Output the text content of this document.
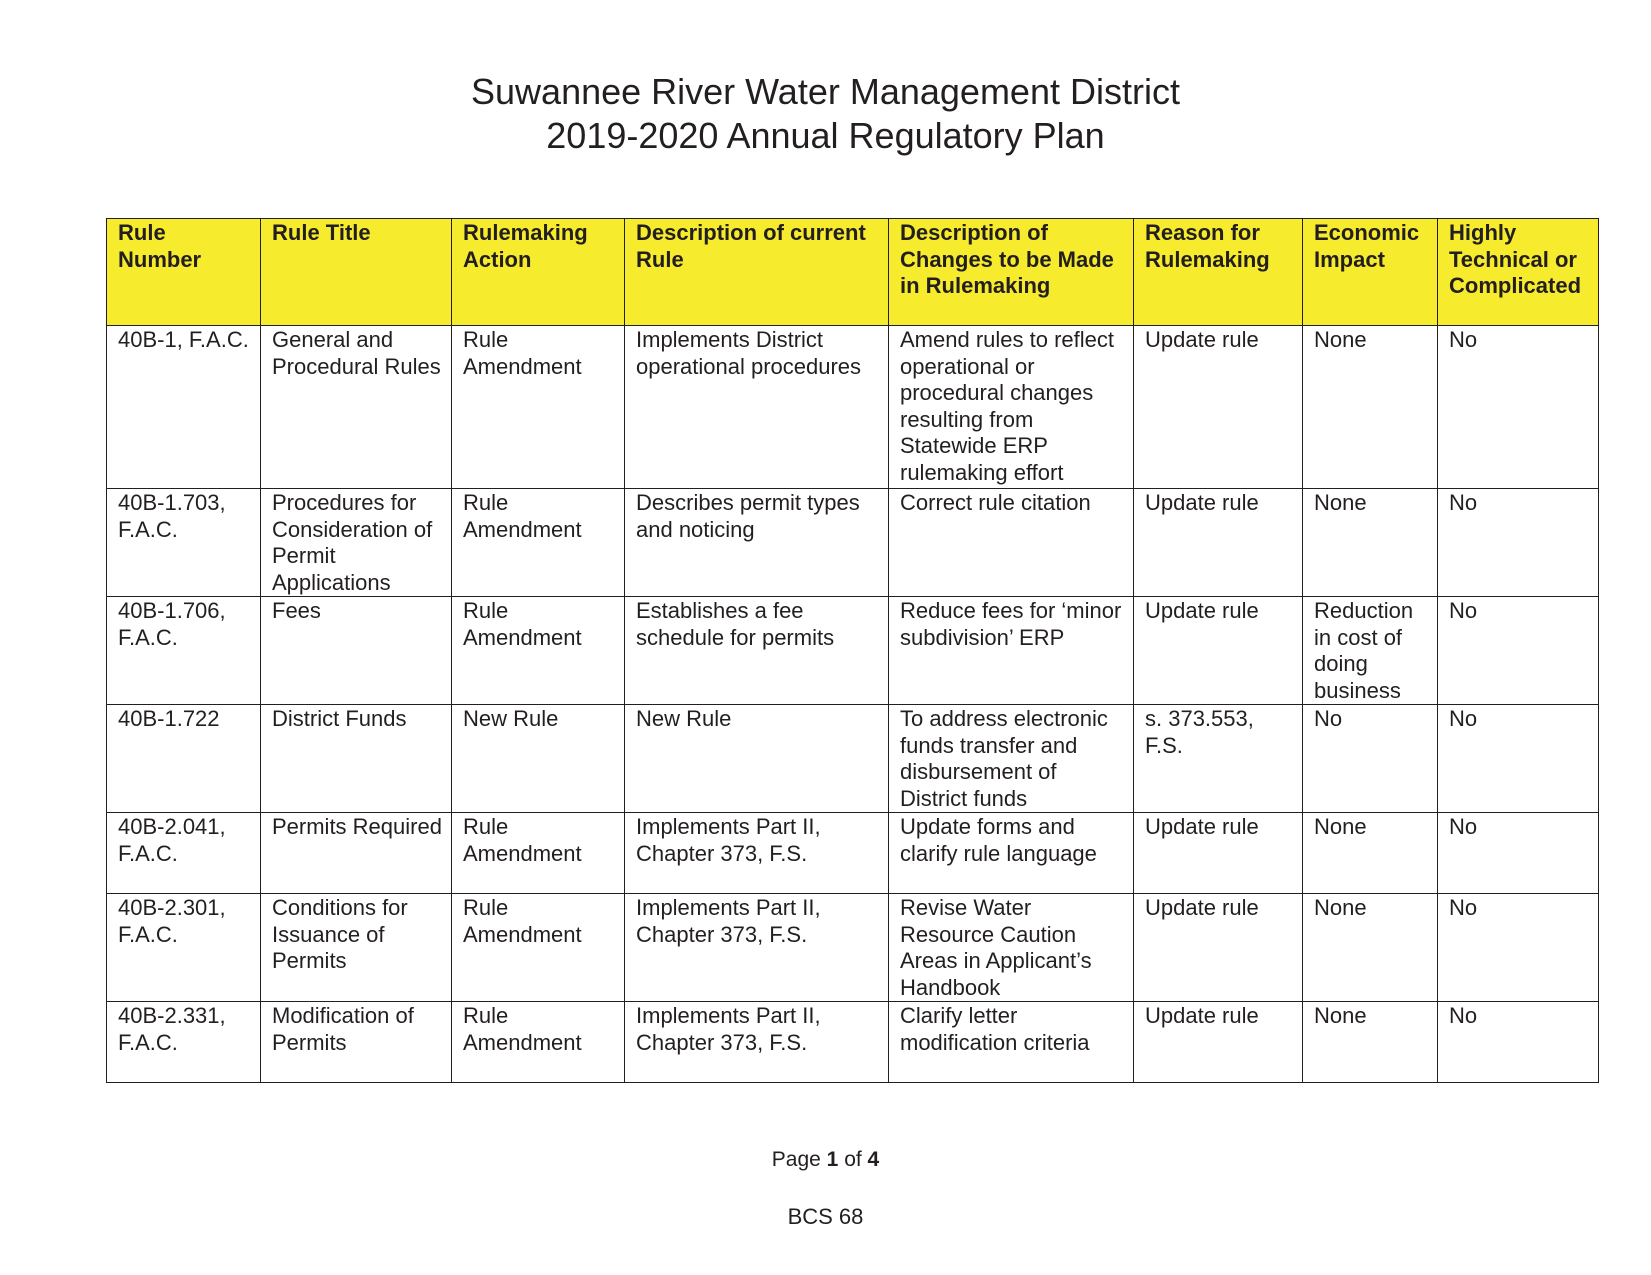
Suwannee River Water Management District
2019-2020 Annual Regulatory Plan
Rule Number	Rule Title	Rulemaking Action	Description of current Rule	Description of Changes to be Made in Rulemaking	Reason for Rulemaking	Economic Impact	Highly Technical or Complicated
40B-1, F.A.C.	General and Procedural Rules	Rule Amendment	Implements District operational procedures	Amend rules to reflect operational or procedural changes resulting from Statewide ERP rulemaking effort	Update rule	None	No
40B-1.703, F.A.C.	Procedures for Consideration of Permit Applications	Rule Amendment	Describes permit types and noticing	Correct rule citation	Update rule	None	No
40B-1.706, F.A.C.	Fees	Rule Amendment	Establishes a fee schedule for permits	Reduce fees for ‘minor subdivision’ ERP	Update rule	Reduction in cost of doing business	No
40B-1.722	District Funds	New Rule	New Rule	To address electronic funds transfer and disbursement of District funds	s. 373.553, F.S.	No	No
40B-2.041, F.A.C.	Permits Required	Rule Amendment	Implements Part II, Chapter 373, F.S.	Update forms and clarify rule language	Update rule	None	No
40B-2.301, F.A.C.	Conditions for Issuance of Permits	Rule Amendment	Implements Part II, Chapter 373, F.S.	Revise Water Resource Caution Areas in Applicant’s Handbook	Update rule	None	No
40B-2.331, F.A.C.	Modification of Permits	Rule Amendment	Implements Part II, Chapter 373, F.S.	Clarify letter modification criteria	Update rule	None	No
Page 1 of 4
BCS 68
